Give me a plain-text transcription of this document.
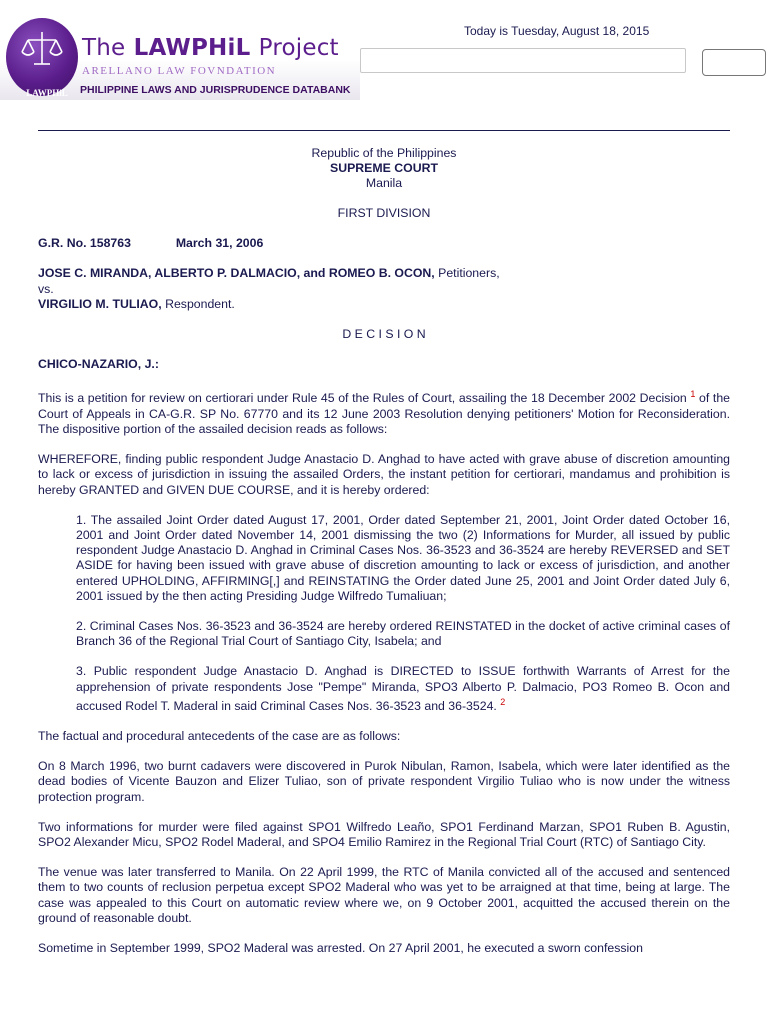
LAWPHiL
The LAWPHiL Project
ARELLANO LAW FOVNDATION
PHILIPPINE LAWS AND JURISPRUDENCE DATABANK
Today is Tuesday, August 18, 2015
Republic of the Philippines
SUPREME COURT
Manila
FIRST DIVISION
G.R. No. 158763	March 31, 2006
JOSE C. MIRANDA, ALBERTO P. DALMACIO, and ROMEO B. OCON, Petitioners,
vs.
VIRGILIO M. TULIAO, Respondent.
D E C I S I O N
CHICO-NAZARIO, J.:

This is a petition for review on certiorari under Rule 45 of the Rules of Court, assailing the 18 December 2002 Decision $^1$ of the Court of Appeals in CA-G.R. SP No. 67770 and its 12 June 2003 Resolution denying petitioners' Motion for Reconsideration. The dispositive portion of the assailed decision reads as follows:

WHEREFORE, finding public respondent Judge Anastacio D. Anghad to have acted with grave abuse of discretion amounting to lack or excess of jurisdiction in issuing the assailed Orders, the instant petition for certiorari, mandamus and prohibition is hereby GRANTED and GIVEN DUE COURSE, and it is hereby ordered:

1. The assailed Joint Order dated August 17, 2001, Order dated September 21, 2001, Joint Order dated October 16, 2001 and Joint Order dated November 14, 2001 dismissing the two (2) Informations for Murder, all issued by public respondent Judge Anastacio D. Anghad in Criminal Cases Nos. 36-3523 and 36-3524 are hereby REVERSED and SET ASIDE for having been issued with grave abuse of discretion amounting to lack or excess of jurisdiction, and another entered UPHOLDING, AFFIRMING[,] and REINSTATING the Order dated June 25, 2001 and Joint Order dated July 6, 2001 issued by the then acting Presiding Judge Wilfredo Tumaliuan;

2. Criminal Cases Nos. 36-3523 and 36-3524 are hereby ordered REINSTATED in the docket of active criminal cases of Branch 36 of the Regional Trial Court of Santiago City, Isabela; and

3. Public respondent Judge Anastacio D. Anghad is DIRECTED to ISSUE forthwith Warrants of Arrest for the apprehension of private respondents Jose "Pempe" Miranda, SPO3 Alberto P. Dalmacio, PO3 Romeo B. Ocon and accused Rodel T. Maderal in said Criminal Cases Nos. 36-3523 and 36-3524. $^2$

The factual and procedural antecedents of the case are as follows:

On 8 March 1996, two burnt cadavers were discovered in Purok Nibulan, Ramon, Isabela, which were later identified as the dead bodies of Vicente Bauzon and Elizer Tuliao, son of private respondent Virgilio Tuliao who is now under the witness protection program.

Two informations for murder were filed against SPO1 Wilfredo Leaño, SPO1 Ferdinand Marzan, SPO1 Ruben B. Agustin, SPO2 Alexander Micu, SPO2 Rodel Maderal, and SPO4 Emilio Ramirez in the Regional Trial Court (RTC) of Santiago City.

The venue was later transferred to Manila. On 22 April 1999, the RTC of Manila convicted all of the accused and sentenced them to two counts of reclusion perpetua except SPO2 Maderal who was yet to be arraigned at that time, being at large. The case was appealed to this Court on automatic review where we, on 9 October 2001, acquitted the accused therein on the ground of reasonable doubt.

Sometime in September 1999, SPO2 Maderal was arrested. On 27 April 2001, he executed a sworn confession
